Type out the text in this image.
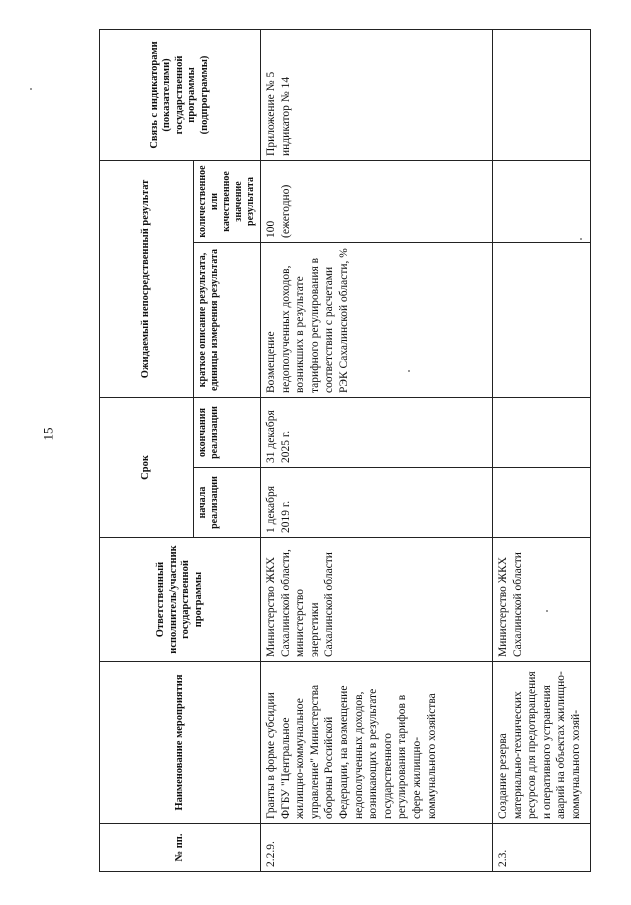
15
№ пп.	Наименование мероприятия	Ответственный исполнитель/участник государственной программы	Срок		Ожидаемый непосредственный результат		Связь с индикаторами (показателями) государственной программы (подпрограммы)
			начала реализации	окончания реализации	краткое описание результата, единицы измерения результата	количественное или качественное значение результата	
2.2.9.	Гранты в форме субсидии ФГБУ "Центральное жилищно-коммунальное управление" Министерства обороны Российской Федерации, на возмещение недополученных доходов, возникающих в результате государственного регулирования тарифов в сфере жилищно-коммунального хозяйства	Министерство ЖКХ Сахалинской области, министерство энергетики Сахалинской области	1 декабря 2019 г.	31 декабря 2025 г.	Возмещение недополученных доходов, возникших в результате тарифного регулирования в соответствии с расчетами РЭК Сахалинской области, %	100 (ежегодно)	Приложение № 5 индикатор № 14
2.3.	Создание резерва материально-технических ресурсов для предотвращения и оперативного устранения аварий на объектах жилищно-коммунального хозяй-	Министерство ЖКХ Сахалинской области					
